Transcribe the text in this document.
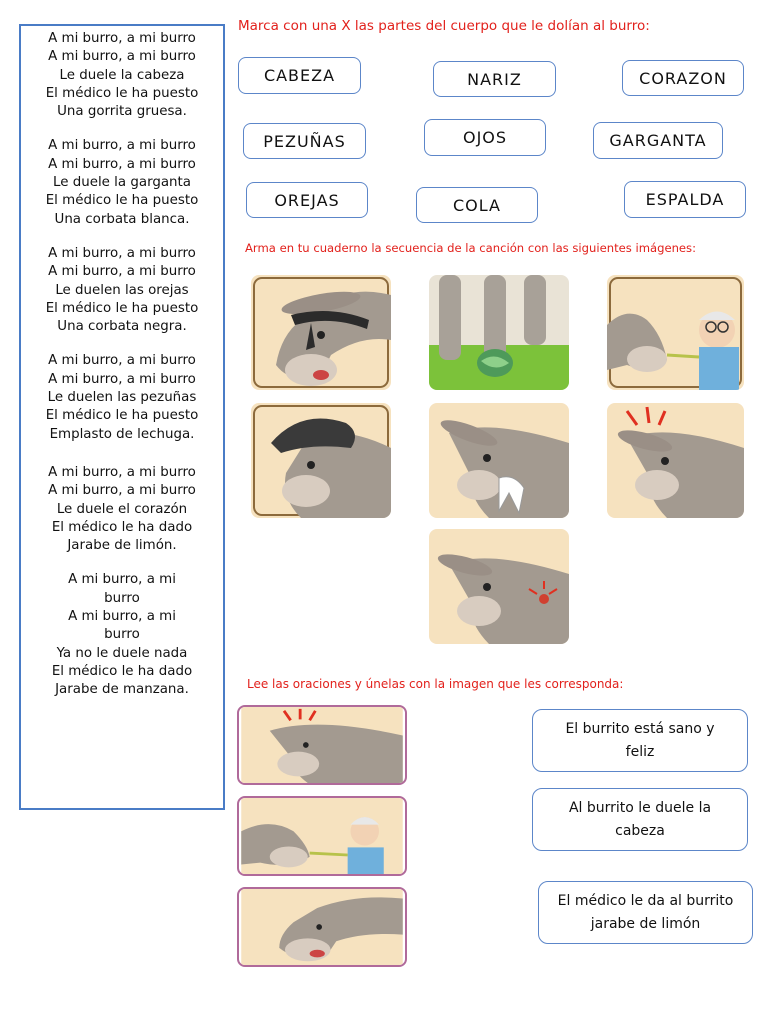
A mi burro, a mi burro
A mi burro, a mi burro
Le duele la cabeza
El médico le ha puesto
Una gorrita gruesa.
A mi burro, a mi burro
A mi burro, a mi burro
Le duele la garganta
El médico le ha puesto
Una corbata blanca.
A mi burro, a mi burro
A mi burro, a mi burro
Le duelen las orejas
El médico le ha puesto
Una corbata negra.
A mi burro, a mi burro
A mi burro, a mi burro
Le duelen las pezuñas
El médico le ha puesto
Emplasto de lechuga.
A mi burro, a mi burro
A mi burro, a mi burro
Le duele el corazón
El médico le ha dado
Jarabe de limón.
A mi burro, a mi
burro
A mi burro, a mi
burro
Ya no le duele nada
El médico le ha dado
Jarabe de manzana.
Marca con una X las partes del cuerpo que le dolían al burro:
CABEZA	NARIZ	CORAZON
PEZUÑAS	OJOS	GARGANTA
OREJAS	COLA	ESPALDA
Arma en tu cuaderno la secuencia de la canción con las siguientes imágenes:
Lee las oraciones y únelas con la imagen que les corresponda:
El burrito está sano y
feliz
Al burrito le duele la
cabeza
El médico le da al burrito
jarabe de limón
